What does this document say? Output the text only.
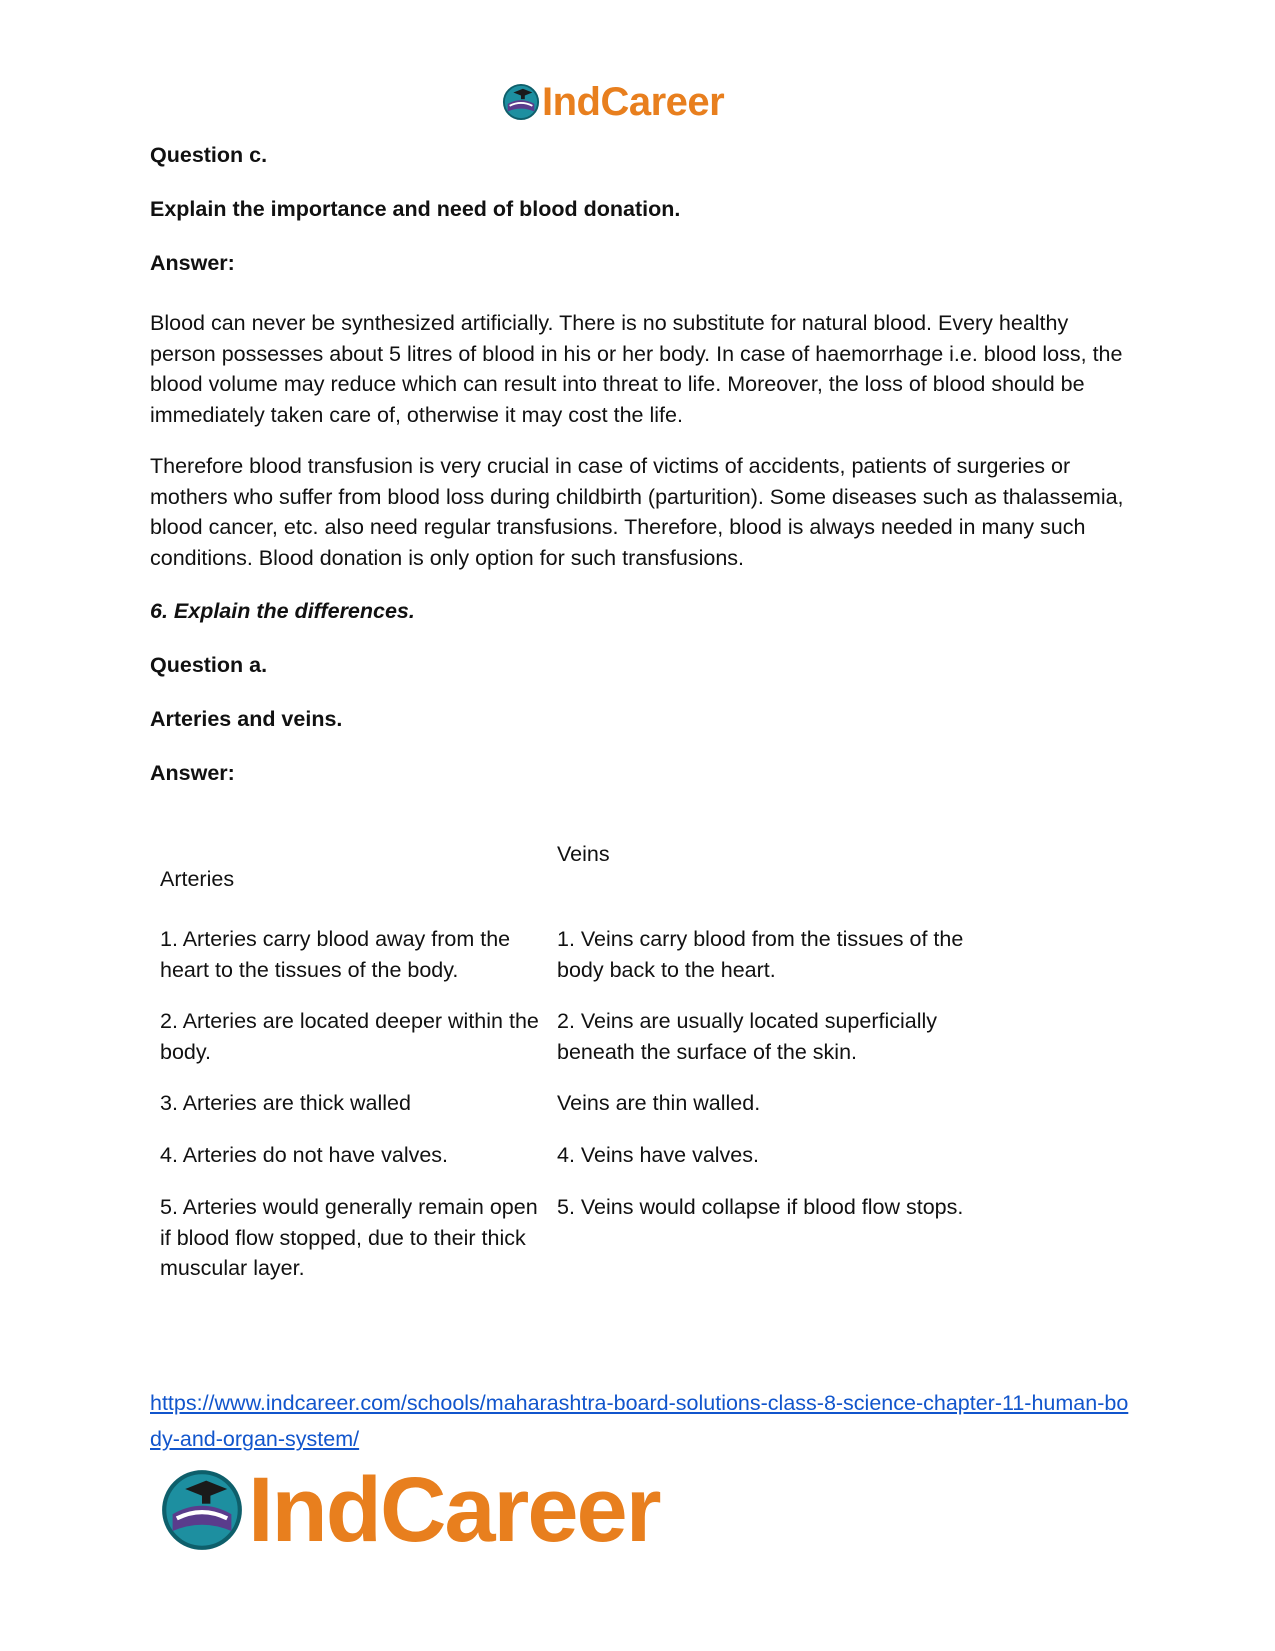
IndCareer
Question c.
Explain the importance and need of blood donation.
Answer:
Blood can never be synthesized artificially. There is no substitute for natural blood. Every healthy person possesses about 5 litres of blood in his or her body. In case of haemorrhage i.e. blood loss, the blood volume may reduce which can result into threat to life. Moreover, the loss of blood should be immediately taken care of, otherwise it may cost the life.
Therefore blood transfusion is very crucial in case of victims of accidents, patients of surgeries or mothers who suffer from blood loss during childbirth (parturition). Some diseases such as thalassemia, blood cancer, etc. also need regular transfusions. Therefore, blood is always needed in many such conditions. Blood donation is only option for such transfusions.
6. Explain the differences.
Question a.
Arteries and veins.
Answer:
Arteries
Veins
1. Arteries carry blood away from the heart to the tissues of the body.
1. Veins carry blood from the tissues of the body back to the heart.
2. Arteries are located deeper within the body.
2. Veins are usually located superficially beneath the surface of the skin.
3. Arteries are thick walled	Veins are thin walled.
4. Arteries do not have valves.	4. Veins have valves.
5. Arteries would generally remain open if blood flow stopped, due to their thick muscular layer.
5. Veins would collapse if blood flow stops.
https://www.indcareer.com/schools/maharashtra-board-solutions-class-8-science-chapter-11-human-body-and-organ-system/
IndCareer
